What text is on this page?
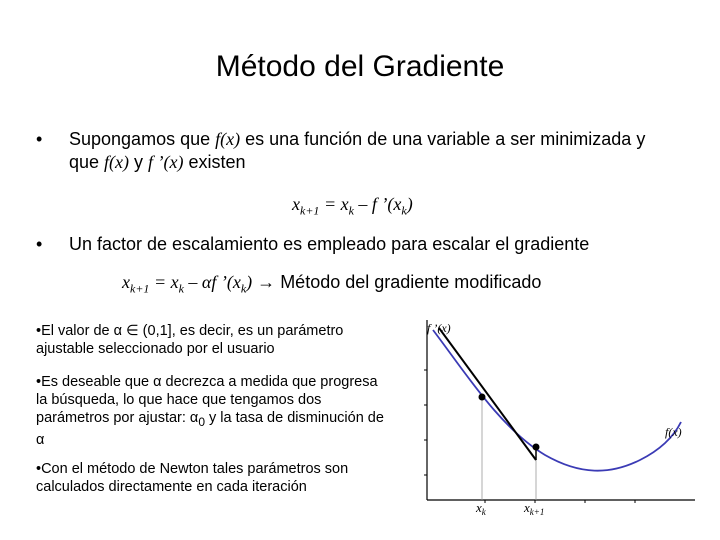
Método del Gradiente
• Supongamos que f(x) es una función de una variable a ser minimizada y que f(x) y f ’(x) existen
$x_{k+1} = x_k - f$ $’(x_k)$
• Un factor de escalamiento es empleado para escalar el gradiente
$x_{k+1} = x_k - \alpha f$ $’(x_k)$ → Método del gradiente modificado
•El valor de α ∈ (0,1], es decir, es un parámetro ajustable seleccionado por el usuario
•Es deseable que α decrezca a medida que progresa la búsqueda, lo que hace que tengamos dos parámetros por ajustar: $\alpha_0$ y la tasa de disminución de α
•Con el método de Newton tales parámetros son calculados directamente en cada iteración
f ’(x)
f(x)
$x_k$	$x_{k+1}$
